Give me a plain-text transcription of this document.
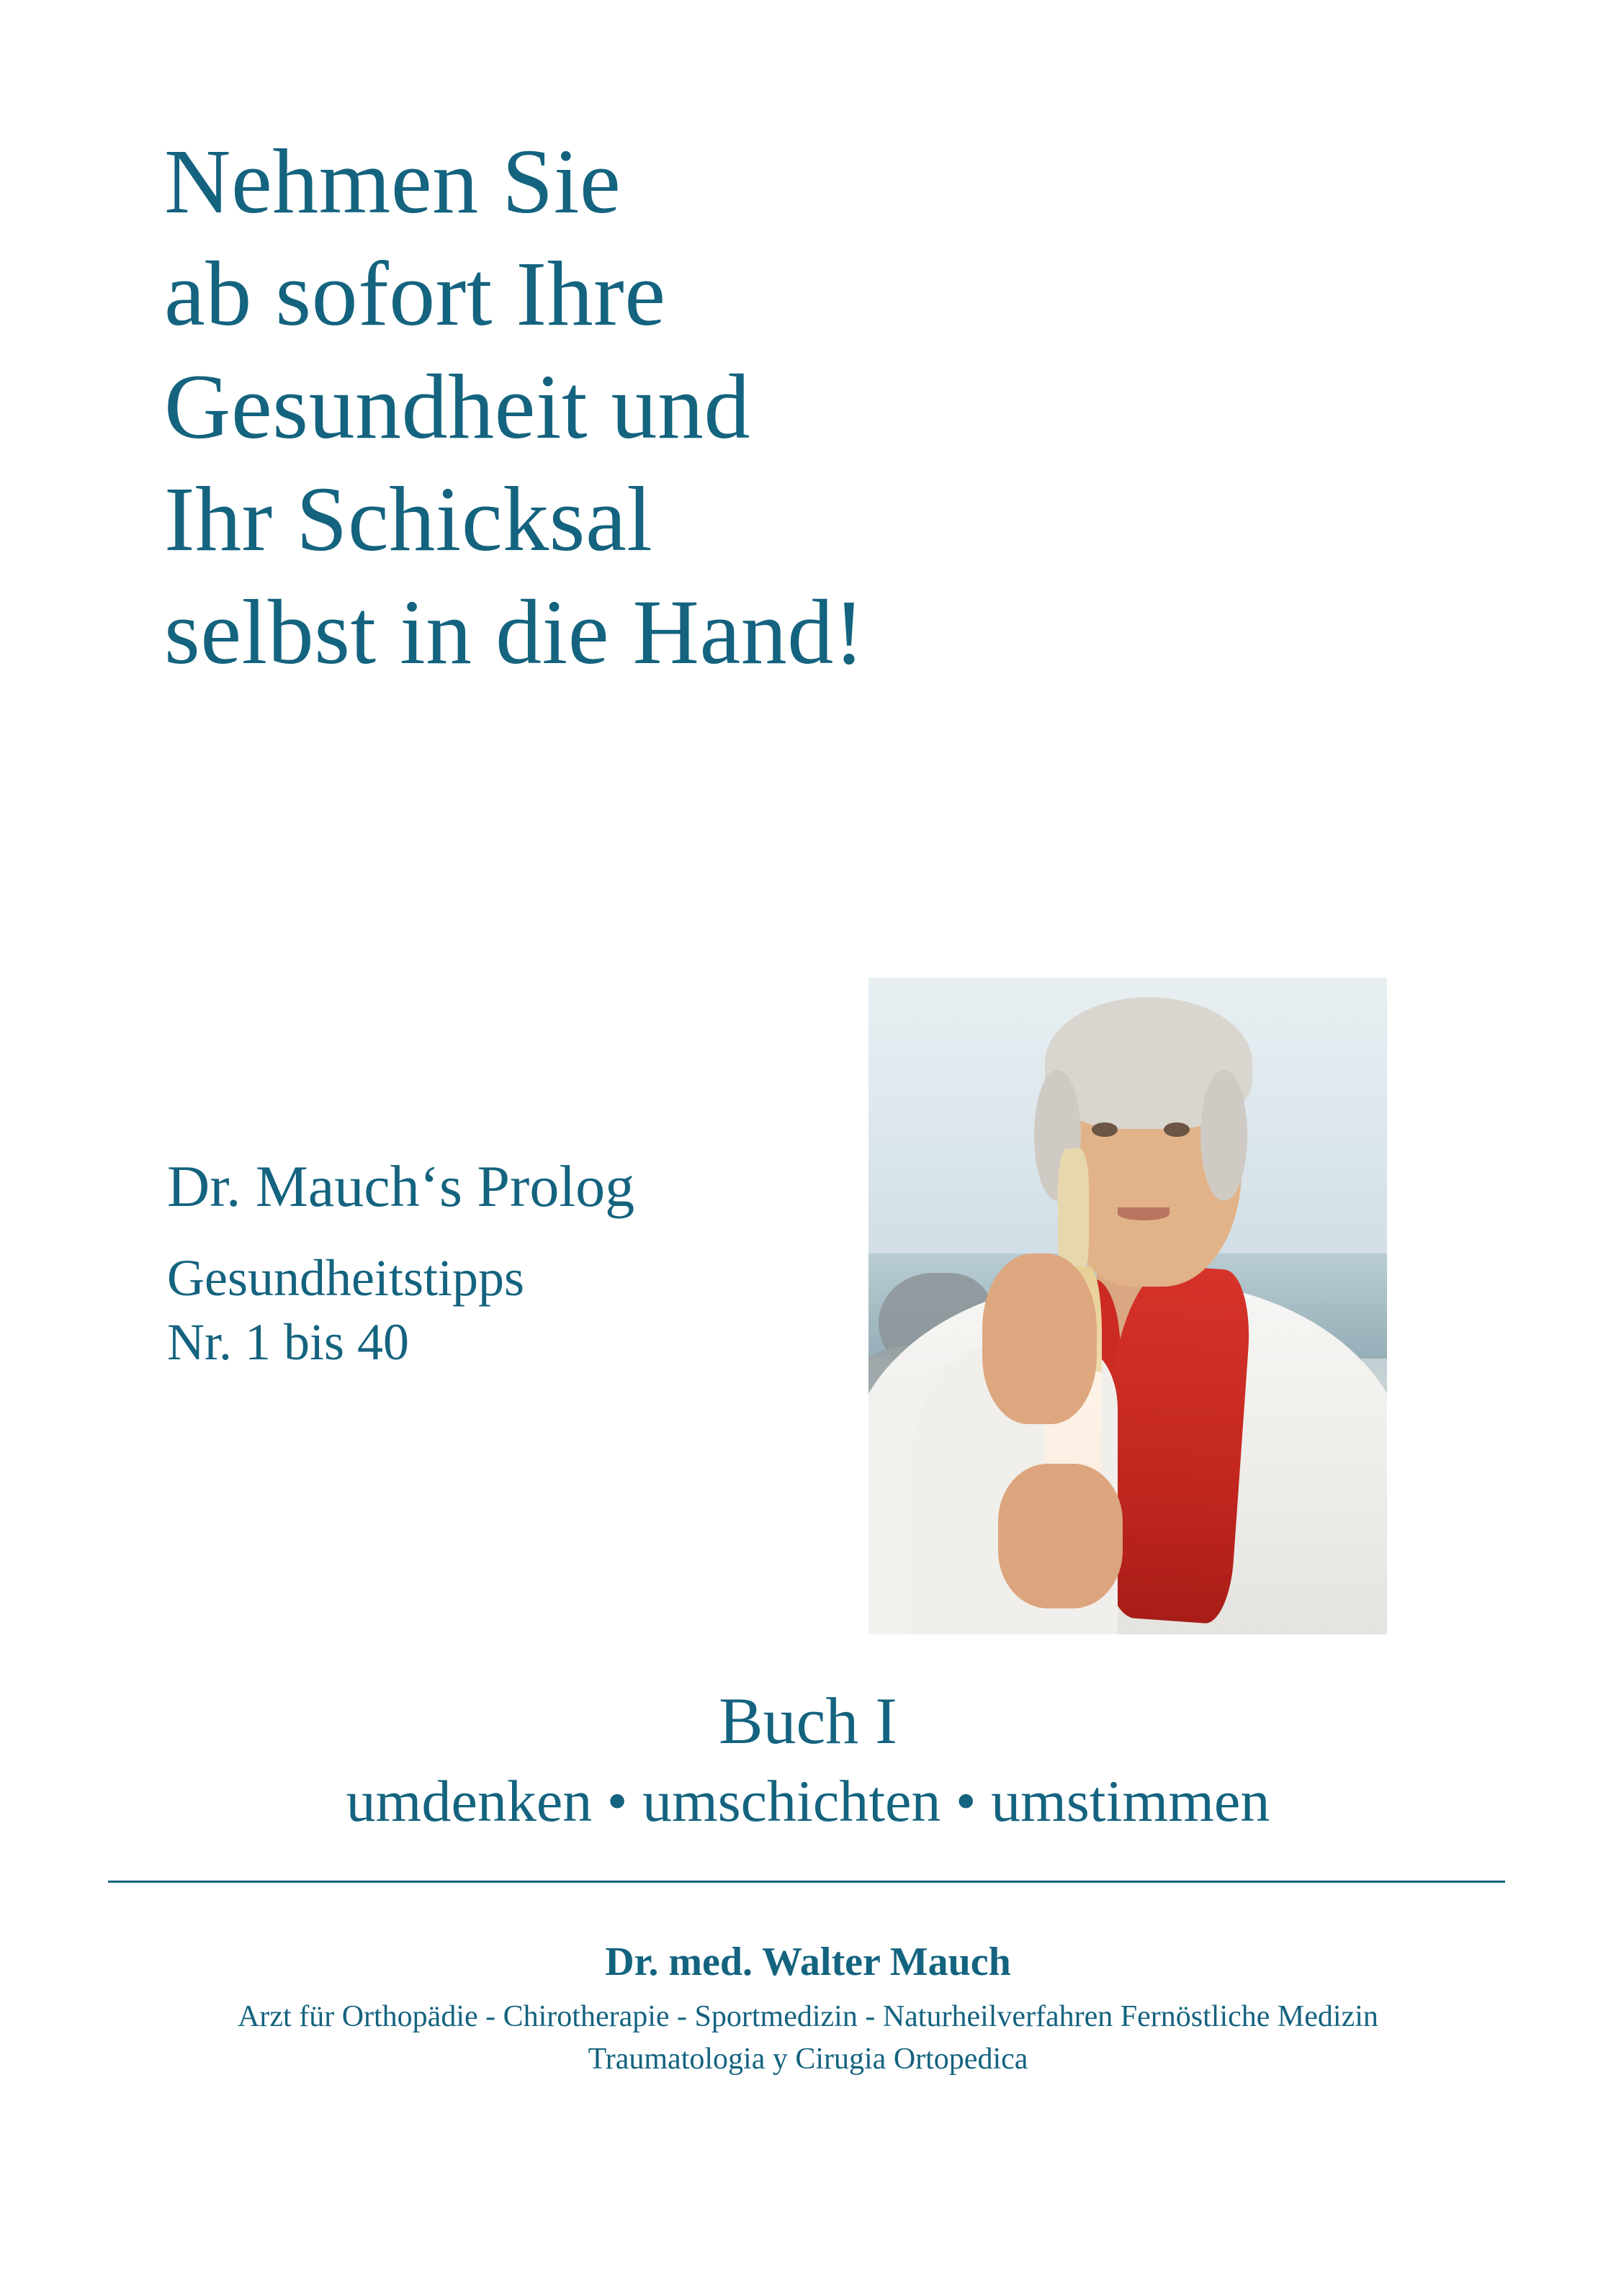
Nehmen Sie
ab sofort Ihre
Gesundheit und
Ihr Schicksal
selbst in die Hand!
Dr. Mauch‘s Prolog
Gesundheitstipps
Nr. 1 bis 40
Buch I
umdenken • umschichten • umstimmen
Dr. med. Walter Mauch
Arzt für Orthopädie - Chirotherapie - Sportmedizin - Naturheilverfahren Fernöstliche Medizin
Traumatologia y Cirugia Ortopedica
